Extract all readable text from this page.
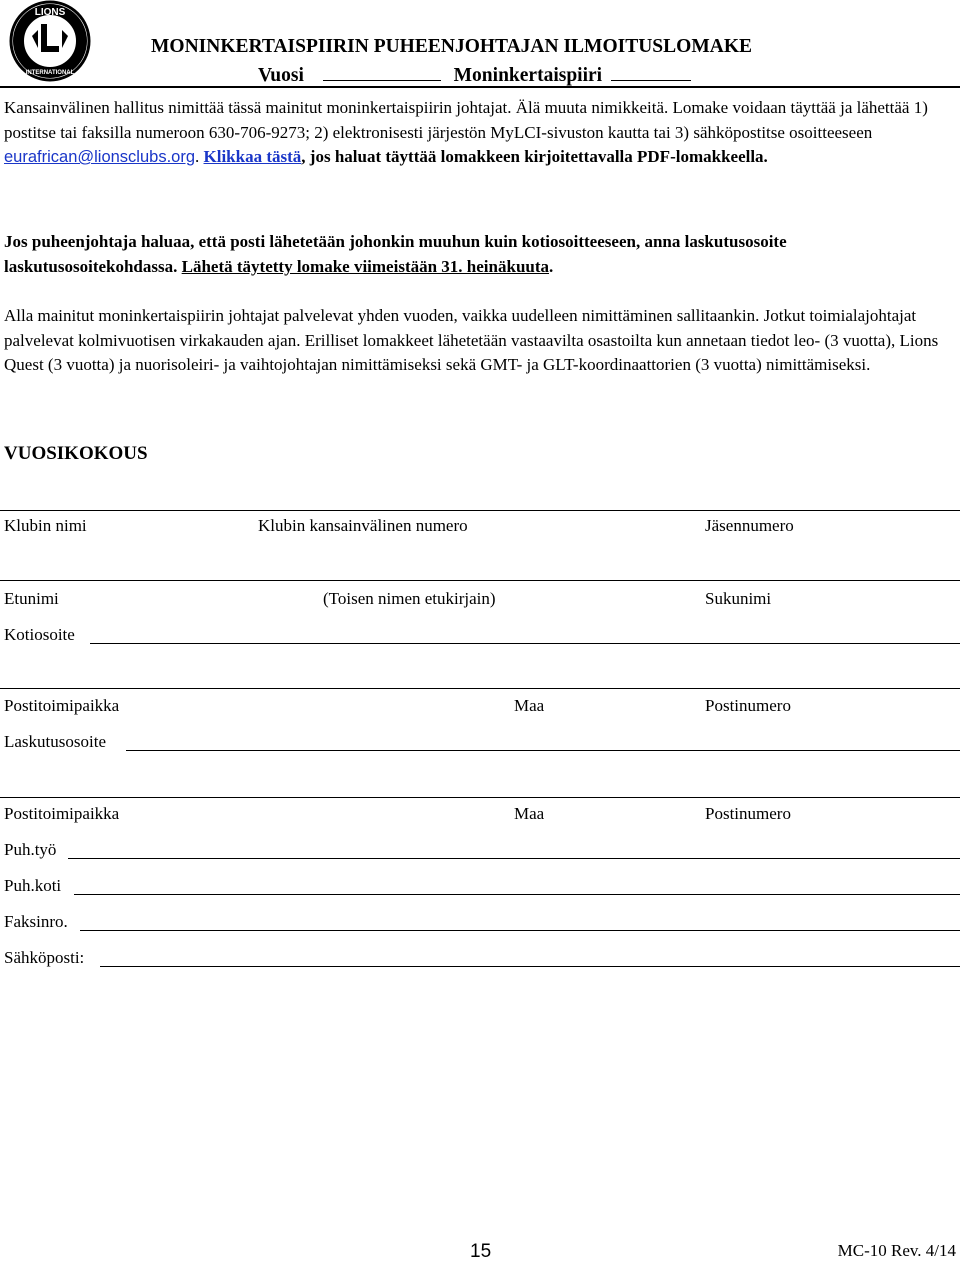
LIONS
INTERNATIONAL
MONINKERTAISPIIRIN PUHEENJOHTAJAN ILMOITUSLOMAKE
Vuosi	Moninkertaispiiri
Kansainvälinen hallitus nimittää tässä mainitut moninkertaispiirin johtajat. Älä muuta nimikkeitä. Lomake voidaan täyttää ja lähettää 1) postitse tai faksilla numeroon 630-706-9273; 2) elektronisesti järjestön MyLCI-sivuston kautta tai 3) sähköpostitse osoitteeseen eurafrican@lionsclubs.org. Klikkaa tästä, jos haluat täyttää lomakkeen kirjoitettavalla PDF-lomakkeella.
Jos puheenjohtaja haluaa, että posti lähetetään johonkin muuhun kuin kotiosoitteeseen, anna laskutusosoite laskutusosoitekohdassa. Lähetä täytetty lomake viimeistään 31. heinäkuuta.
Alla mainitut moninkertaispiirin johtajat palvelevat yhden vuoden, vaikka uudelleen nimittäminen sallitaankin. Jotkut toimialajohtajat palvelevat kolmivuotisen virkakauden ajan. Erilliset lomakkeet lähetetään vastaavilta osastoilta kun annetaan tiedot leo- (3 vuotta), Lions Quest (3 vuotta) ja nuorisoleiri- ja vaihtojohtajan nimittämiseksi sekä GMT- ja GLT-koordinaattorien (3 vuotta) nimittämiseksi.
VUOSIKOKOUS
Klubin nimi	Klubin kansainvälinen numero	Jäsennumero
Etunimi	(Toisen nimen etukirjain)	Sukunimi
Kotiosoite
Postitoimipaikka	Maa	Postinumero
Laskutusosoite
Postitoimipaikka	Maa	Postinumero
Puh.työ
Puh.koti
Faksinro.
Sähköposti:
15	MC-10 Rev. 4/14
